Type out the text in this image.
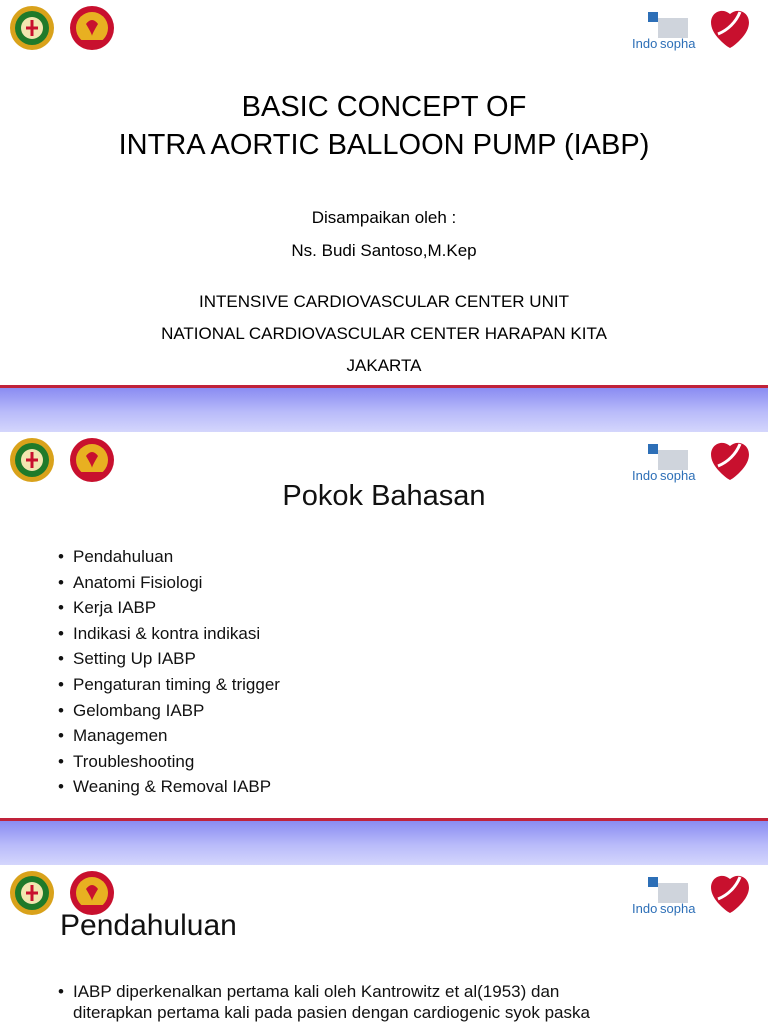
Indo sopha
BASIC CONCEPT OF
INTRA AORTIC BALLOON PUMP (IABP)
Disampaikan oleh :
Ns. Budi Santoso,M.Kep
INTENSIVE CARDIOVASCULAR CENTER UNIT
NATIONAL CARDIOVASCULAR CENTER HARAPAN KITA
JAKARTA
Indo sopha
Pokok Bahasan
• Pendahuluan
• Anatomi Fisiologi
• Kerja IABP
• Indikasi & kontra indikasi
• Setting Up IABP
• Pengaturan timing & trigger
• Gelombang IABP
• Managemen
• Troubleshooting
• Weaning & Removal IABP
Indo sopha
Pendahuluan
• IABP diperkenalkan pertama kali oleh Kantrowitz et al(1953) dan
diterapkan pertama kali pada pasien dengan cardiogenic syok paska
